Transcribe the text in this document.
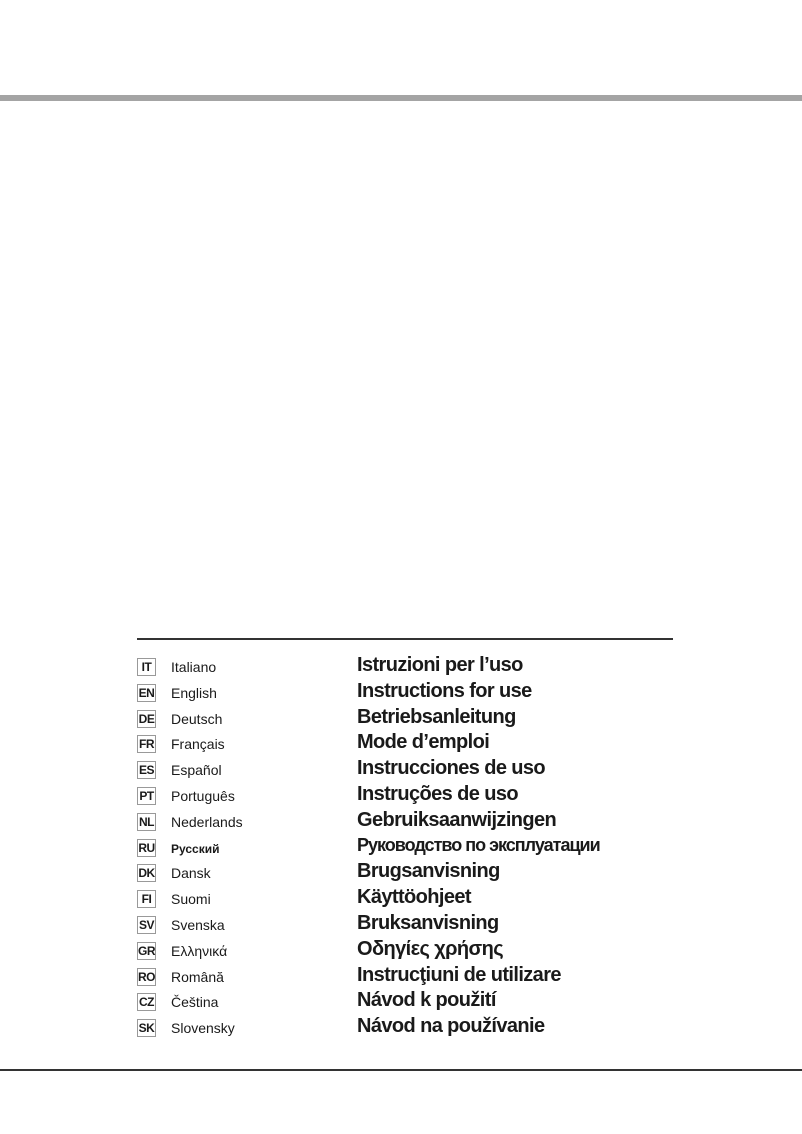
IT	Italiano	Istruzioni per l’uso
EN English	Instructions for use
DE Deutsch	Betriebsanleitung
FR Français	Mode d’emploi
ES Español	Instrucciones de uso
PT Português	Instruções de uso
NL Nederlands	Gebruiksaanwijzingen
RU Русский	Руководство по эксплуатации
DK Dansk	Brugsanvisning
FI	Suomi	Käyttöohjeet
SV Svenska	Bruksanvisning
GR Ελληνικά	Οδηγίες χρήσης
RO Română	Instrucţiuni de utilizare
CZ Čeština	Návod k použití
SK Slovensky	Návod na používanie
